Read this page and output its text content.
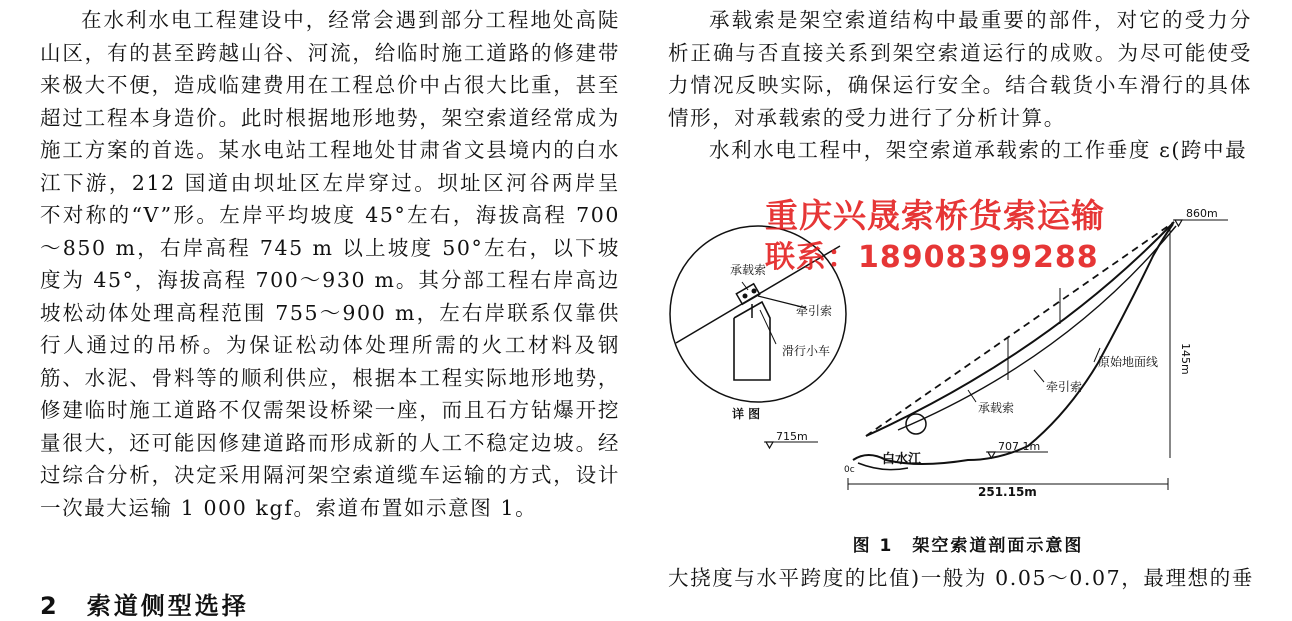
在水利水电工程建设中，经常会遇到部分工程地处高陡山区，有的甚至跨越山谷、河流，给临时施工道路的修建带来极大不便，造成临建费用在工程总价中占很大比重，甚至超过工程本身造价。此时根据地形地势，架空索道经常成为施工方案的首选。某水电站工程地处甘肃省文县境内的白水江下游，212 国道由坝址区左岸穿过。坝址区河谷两岸呈不对称的“V”形。左岸平均坡度 45°左右，海拔高程 700～850 m，右岸高程 745 m 以上坡度 50°左右，以下坡度为 45°，海拔高程 700～930 m。其分部工程右岸高边坡松动体处理高程范围 755～900 m，左右岸联系仅靠供行人通过的吊桥。为保证松动体处理所需的火工材料及钢筋、水泥、骨料等的顺利供应，根据本工程实际地形地势，修建临时施工道路不仅需架设桥梁一座，而且石方钻爆开挖量很大，还可能因修建道路而形成新的人工不稳定边坡。经过综合分析，决定采用隔河架空索道缆车运输的方式，设计一次最大运输 1 000 kgf。索道布置如示意图 1。

2　索道侧型选择

承载索是架空索道结构中最重要的部件，对它的受力分析正确与否直接关系到架空索道运行的成败。为尽可能使受力情况反映实际，确保运行安全。结合载货小车滑行的具体情形，对承载索的受力进行了分析计算。

水利水电工程中，架空索道承载索的工作垂度 ε(跨中最

承载索
牵引索
滑行小车
详 图
860m
715m
707.1m
145m
251.15m
白水江
0c
原始地面线
牵引索
承载索
重庆兴晟索桥货索运输
联系：18908399288
图 1　架空索道剖面示意图

大挠度与水平跨度的比值)一般为 0.05～0.07，最理想的垂
